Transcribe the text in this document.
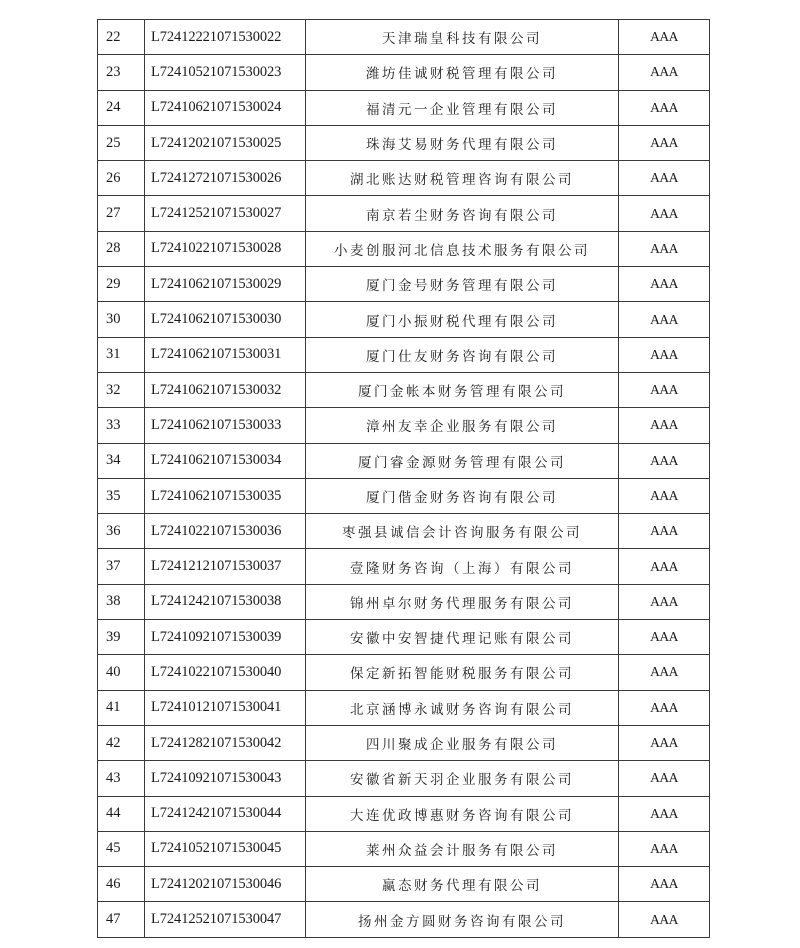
22	L72412221071530022	天津瑞皇科技有限公司	AAA
23	L72410521071530023	潍坊佳诚财税管理有限公司	AAA
24	L72410621071530024	福清元一企业管理有限公司	AAA
25	L72412021071530025	珠海艾易财务代理有限公司	AAA
26	L72412721071530026	湖北账达财税管理咨询有限公司	AAA
27	L72412521071530027	南京若尘财务咨询有限公司	AAA
28	L72410221071530028	小麦创服河北信息技术服务有限公司	AAA
29	L72410621071530029	厦门金号财务管理有限公司	AAA
30	L72410621071530030	厦门小振财税代理有限公司	AAA
31	L72410621071530031	厦门仕友财务咨询有限公司	AAA
32	L72410621071530032	厦门金帐本财务管理有限公司	AAA
33	L72410621071530033	漳州友幸企业服务有限公司	AAA
34	L72410621071530034	厦门睿金源财务管理有限公司	AAA
35	L72410621071530035	厦门偕金财务咨询有限公司	AAA
36	L72410221071530036	枣强县诚信会计咨询服务有限公司	AAA
37	L72412121071530037	壹隆财务咨询（上海）有限公司	AAA
38	L72412421071530038	锦州卓尔财务代理服务有限公司	AAA
39	L72410921071530039	安徽中安智捷代理记账有限公司	AAA
40	L72410221071530040	保定新拓智能财税服务有限公司	AAA
41	L72410121071530041	北京涵博永诚财务咨询有限公司	AAA
42	L72412821071530042	四川聚成企业服务有限公司	AAA
43	L72410921071530043	安徽省新天羽企业服务有限公司	AAA
44	L72412421071530044	大连优政博惠财务咨询有限公司	AAA
45	L72410521071530045	莱州众益会计服务有限公司	AAA
46	L72412021071530046	赢态财务代理有限公司	AAA
47	L72412521071530047	扬州金方圆财务咨询有限公司	AAA
